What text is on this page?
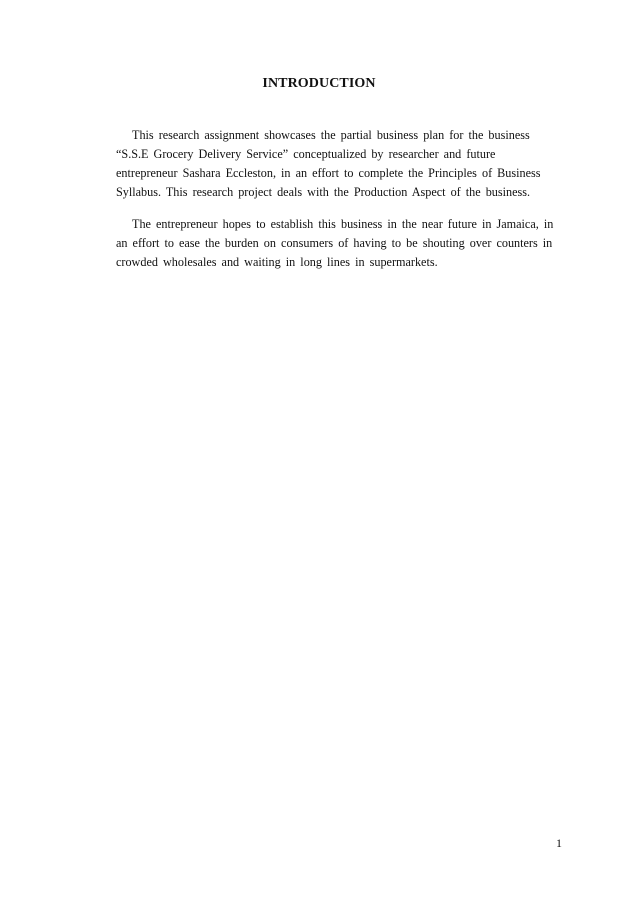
INTRODUCTION
This research assignment showcases the partial business plan for the business
“S.S.E Grocery Delivery Service” conceptualized by researcher and future
entrepreneur Sashara Eccleston, in an effort to complete the Principles of Business
Syllabus. This research project deals with the Production Aspect of the business.
The entrepreneur hopes to establish this business in the near future in Jamaica, in
an effort to ease the burden on consumers of having to be shouting over counters in
crowded wholesales and waiting in long lines in supermarkets.
1
